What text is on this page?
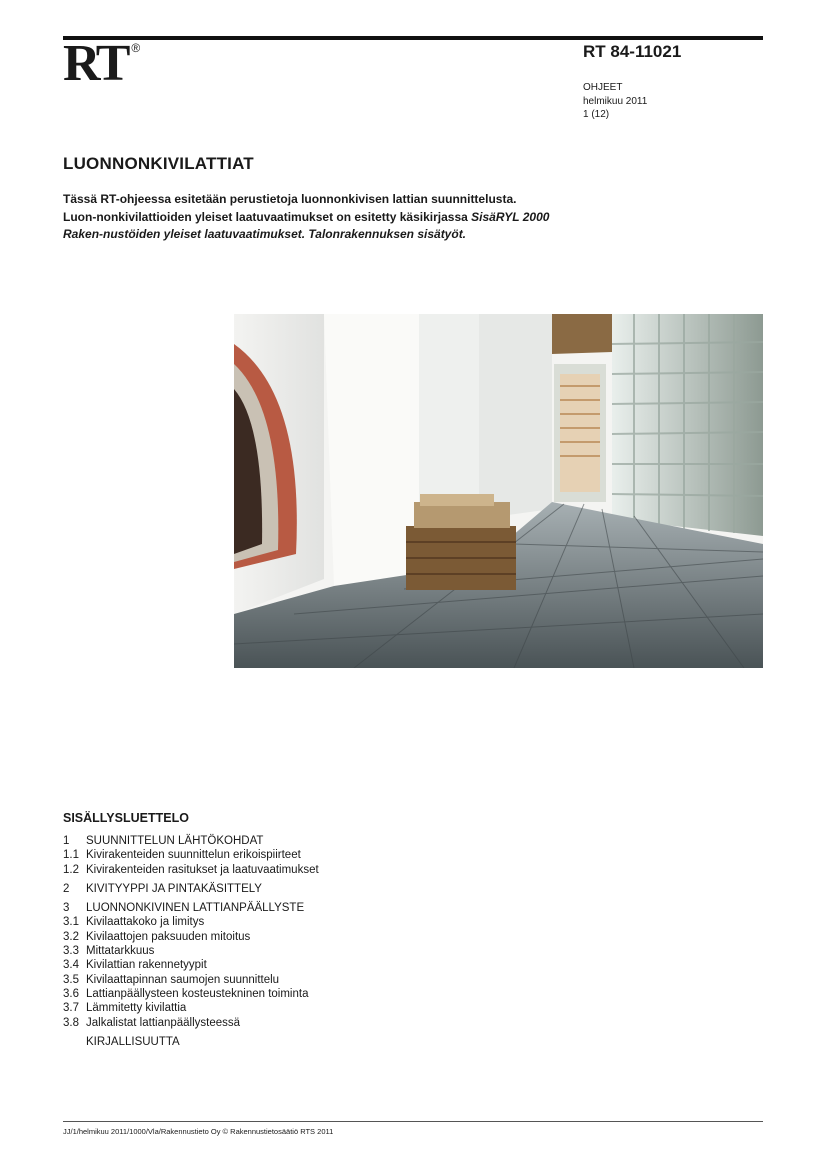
RT ®	RT 84-11021
OHJEET
helmikuu 2011
1 (12)
LUONNONKIVILATTIAT
Tässä RT-ohjeessa esitetään perustietoja luonnonkivisen lattian suunnittelusta. Luon-nonkivilattioiden yleiset laatuvaatimukset on esitetty käsikirjassa SisäRYL 2000 Raken-nustöiden yleiset laatuvaatimukset. Talonrakennuksen sisätyöt.
SISÄLLYSLUETTELO
1	SUUNNITTELUN LÄHTÖKOHDAT
1.1 Kivirakenteiden suunnittelun erikoispiirteet
1.2 Kivirakenteiden rasitukset ja laatuvaatimukset
2	KIVITYYPPI JA PINTAKÄSITTELY
3	LUONNONKIVINEN LATTIANPÄÄLLYSTE
3.1 Kivilaattakoko ja limitys
3.2 Kivilaattojen paksuuden mitoitus
3.3 Mittatarkkuus
3.4 Kivilattian rakennetyypit
3.5 Kivilaattapinnan saumojen suunnittelu
3.6 Lattianpäällysteen kosteustekninen toiminta
3.7 Lämmitetty kivilattia
3.8 Jalkalistat lattianpäällysteessä
KIRJALLISUUTTA
JJ/1/helmikuu 2011/1000/Vla/Rakennustieto Oy © Rakennustietosäätiö RTS 2011
